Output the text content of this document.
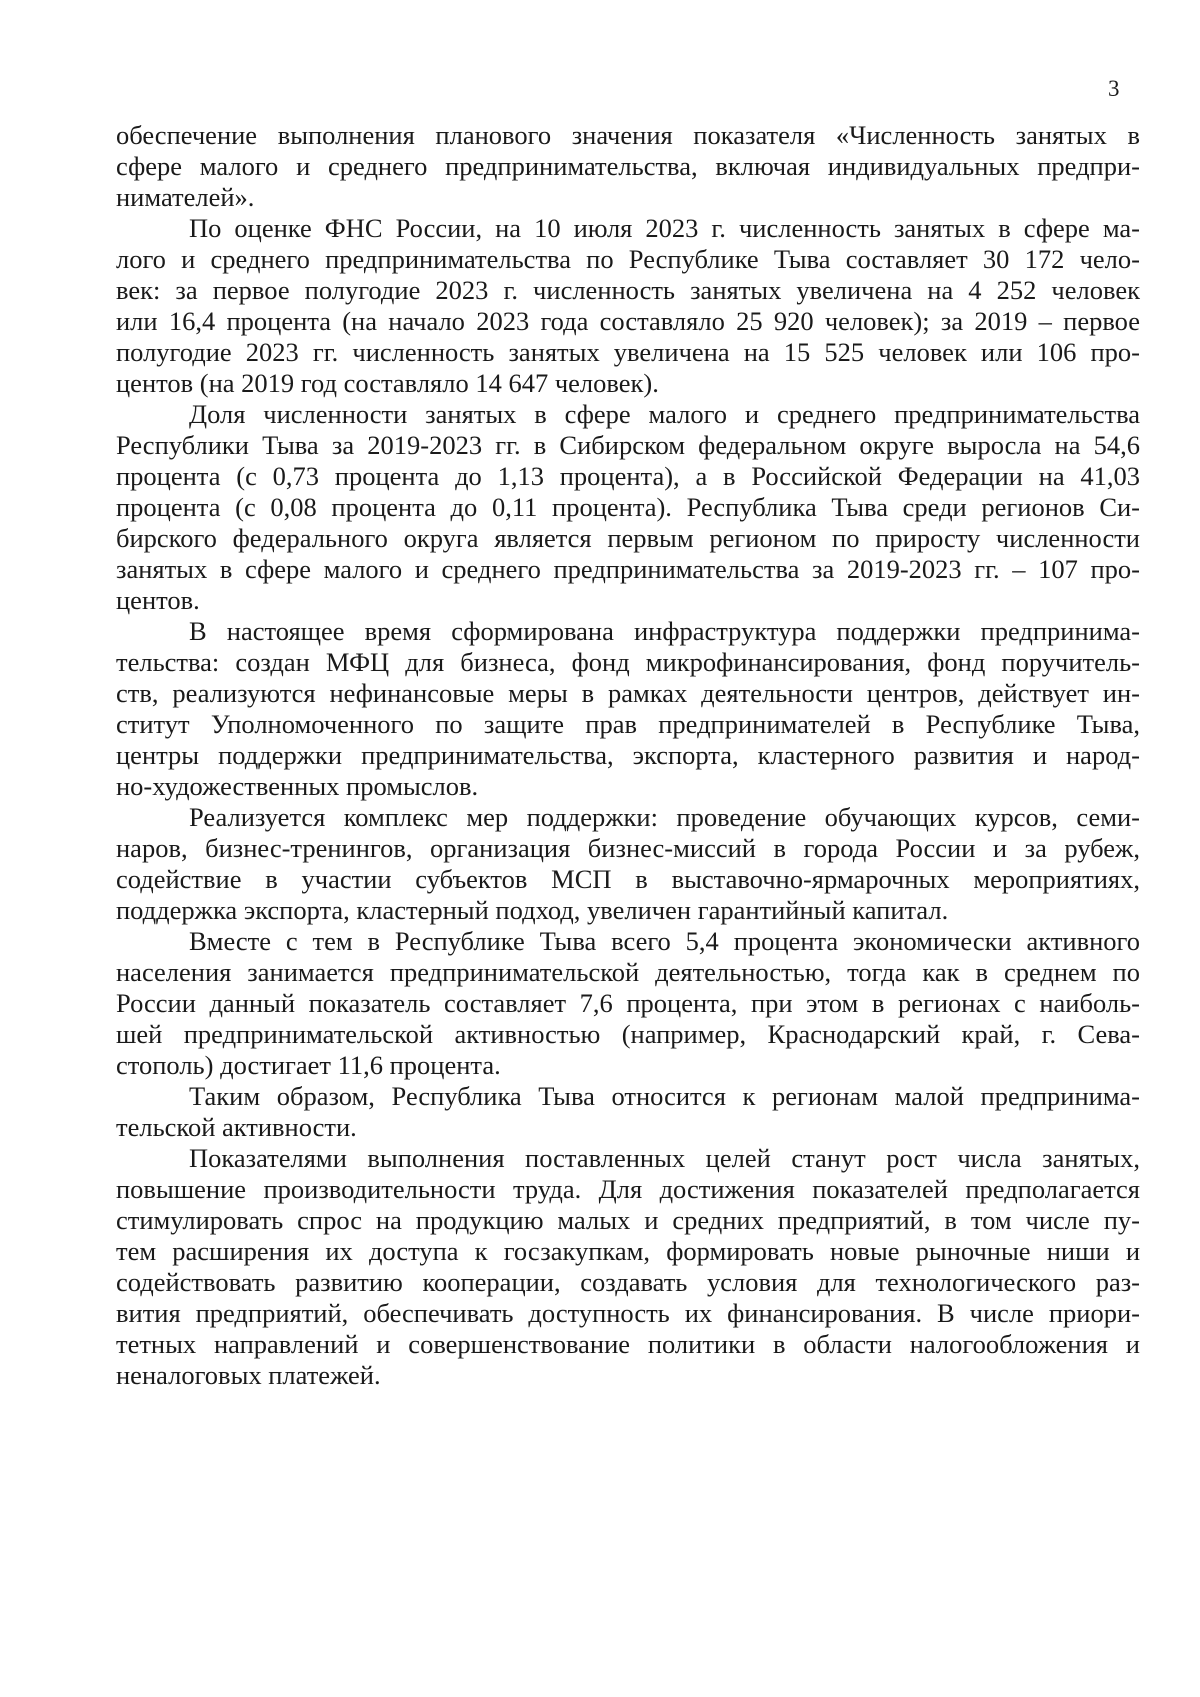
3
обеспечение выполнения планового значения показателя «Численность занятых в
сфере малого и среднего предпринимательства, включая индивидуальных предпри-
нимателей».
По оценке ФНС России, на 10 июля 2023 г. численность занятых в сфере ма-
лого и среднего предпринимательства по Республике Тыва составляет 30 172 чело-
век: за первое полугодие 2023 г. численность занятых увеличена на 4 252 человек
или 16,4 процента (на начало 2023 года составляло 25 920 человек); за 2019 – первое
полугодие 2023 гг. численность занятых увеличена на 15 525 человек или 106 про-
центов (на 2019 год составляло 14 647 человек).
Доля численности занятых в сфере малого и среднего предпринимательства
Республики Тыва за 2019-2023 гг. в Сибирском федеральном округе выросла на 54,6
процента (с 0,73 процента до 1,13 процента), а в Российской Федерации на 41,03
процента (с 0,08 процента до 0,11 процента). Республика Тыва среди регионов Си-
бирского федерального округа является первым регионом по приросту численности
занятых в сфере малого и среднего предпринимательства за 2019-2023 гг. – 107 про-
центов.
В настоящее время сформирована инфраструктура поддержки предпринима-
тельства: создан МФЦ для бизнеса, фонд микрофинансирования, фонд поручитель-
ств, реализуются нефинансовые меры в рамках деятельности центров, действует ин-
ститут Уполномоченного по защите прав предпринимателей в Республике Тыва,
центры поддержки предпринимательства, экспорта, кластерного развития и народ-
но-художественных промыслов.
Реализуется комплекс мер поддержки: проведение обучающих курсов, семи-
наров, бизнес-тренингов, организация бизнес-миссий в города России и за рубеж,
содействие в участии субъектов МСП в выставочно-ярмарочных мероприятиях,
поддержка экспорта, кластерный подход, увеличен гарантийный капитал.
Вместе с тем в Республике Тыва всего 5,4 процента экономически активного
населения занимается предпринимательской деятельностью, тогда как в среднем по
России данный показатель составляет 7,6 процента, при этом в регионах с наиболь-
шей предпринимательской активностью (например, Краснодарский край, г. Сева-
стополь) достигает 11,6 процента.
Таким образом, Республика Тыва относится к регионам малой предпринима-
тельской активности.
Показателями выполнения поставленных целей станут рост числа занятых,
повышение производительности труда. Для достижения показателей предполагается
стимулировать спрос на продукцию малых и средних предприятий, в том числе пу-
тем расширения их доступа к госзакупкам, формировать новые рыночные ниши и
содействовать развитию кооперации, создавать условия для технологического раз-
вития предприятий, обеспечивать доступность их финансирования. В числе приори-
тетных направлений и совершенствование политики в области налогообложения и
неналоговых платежей.
